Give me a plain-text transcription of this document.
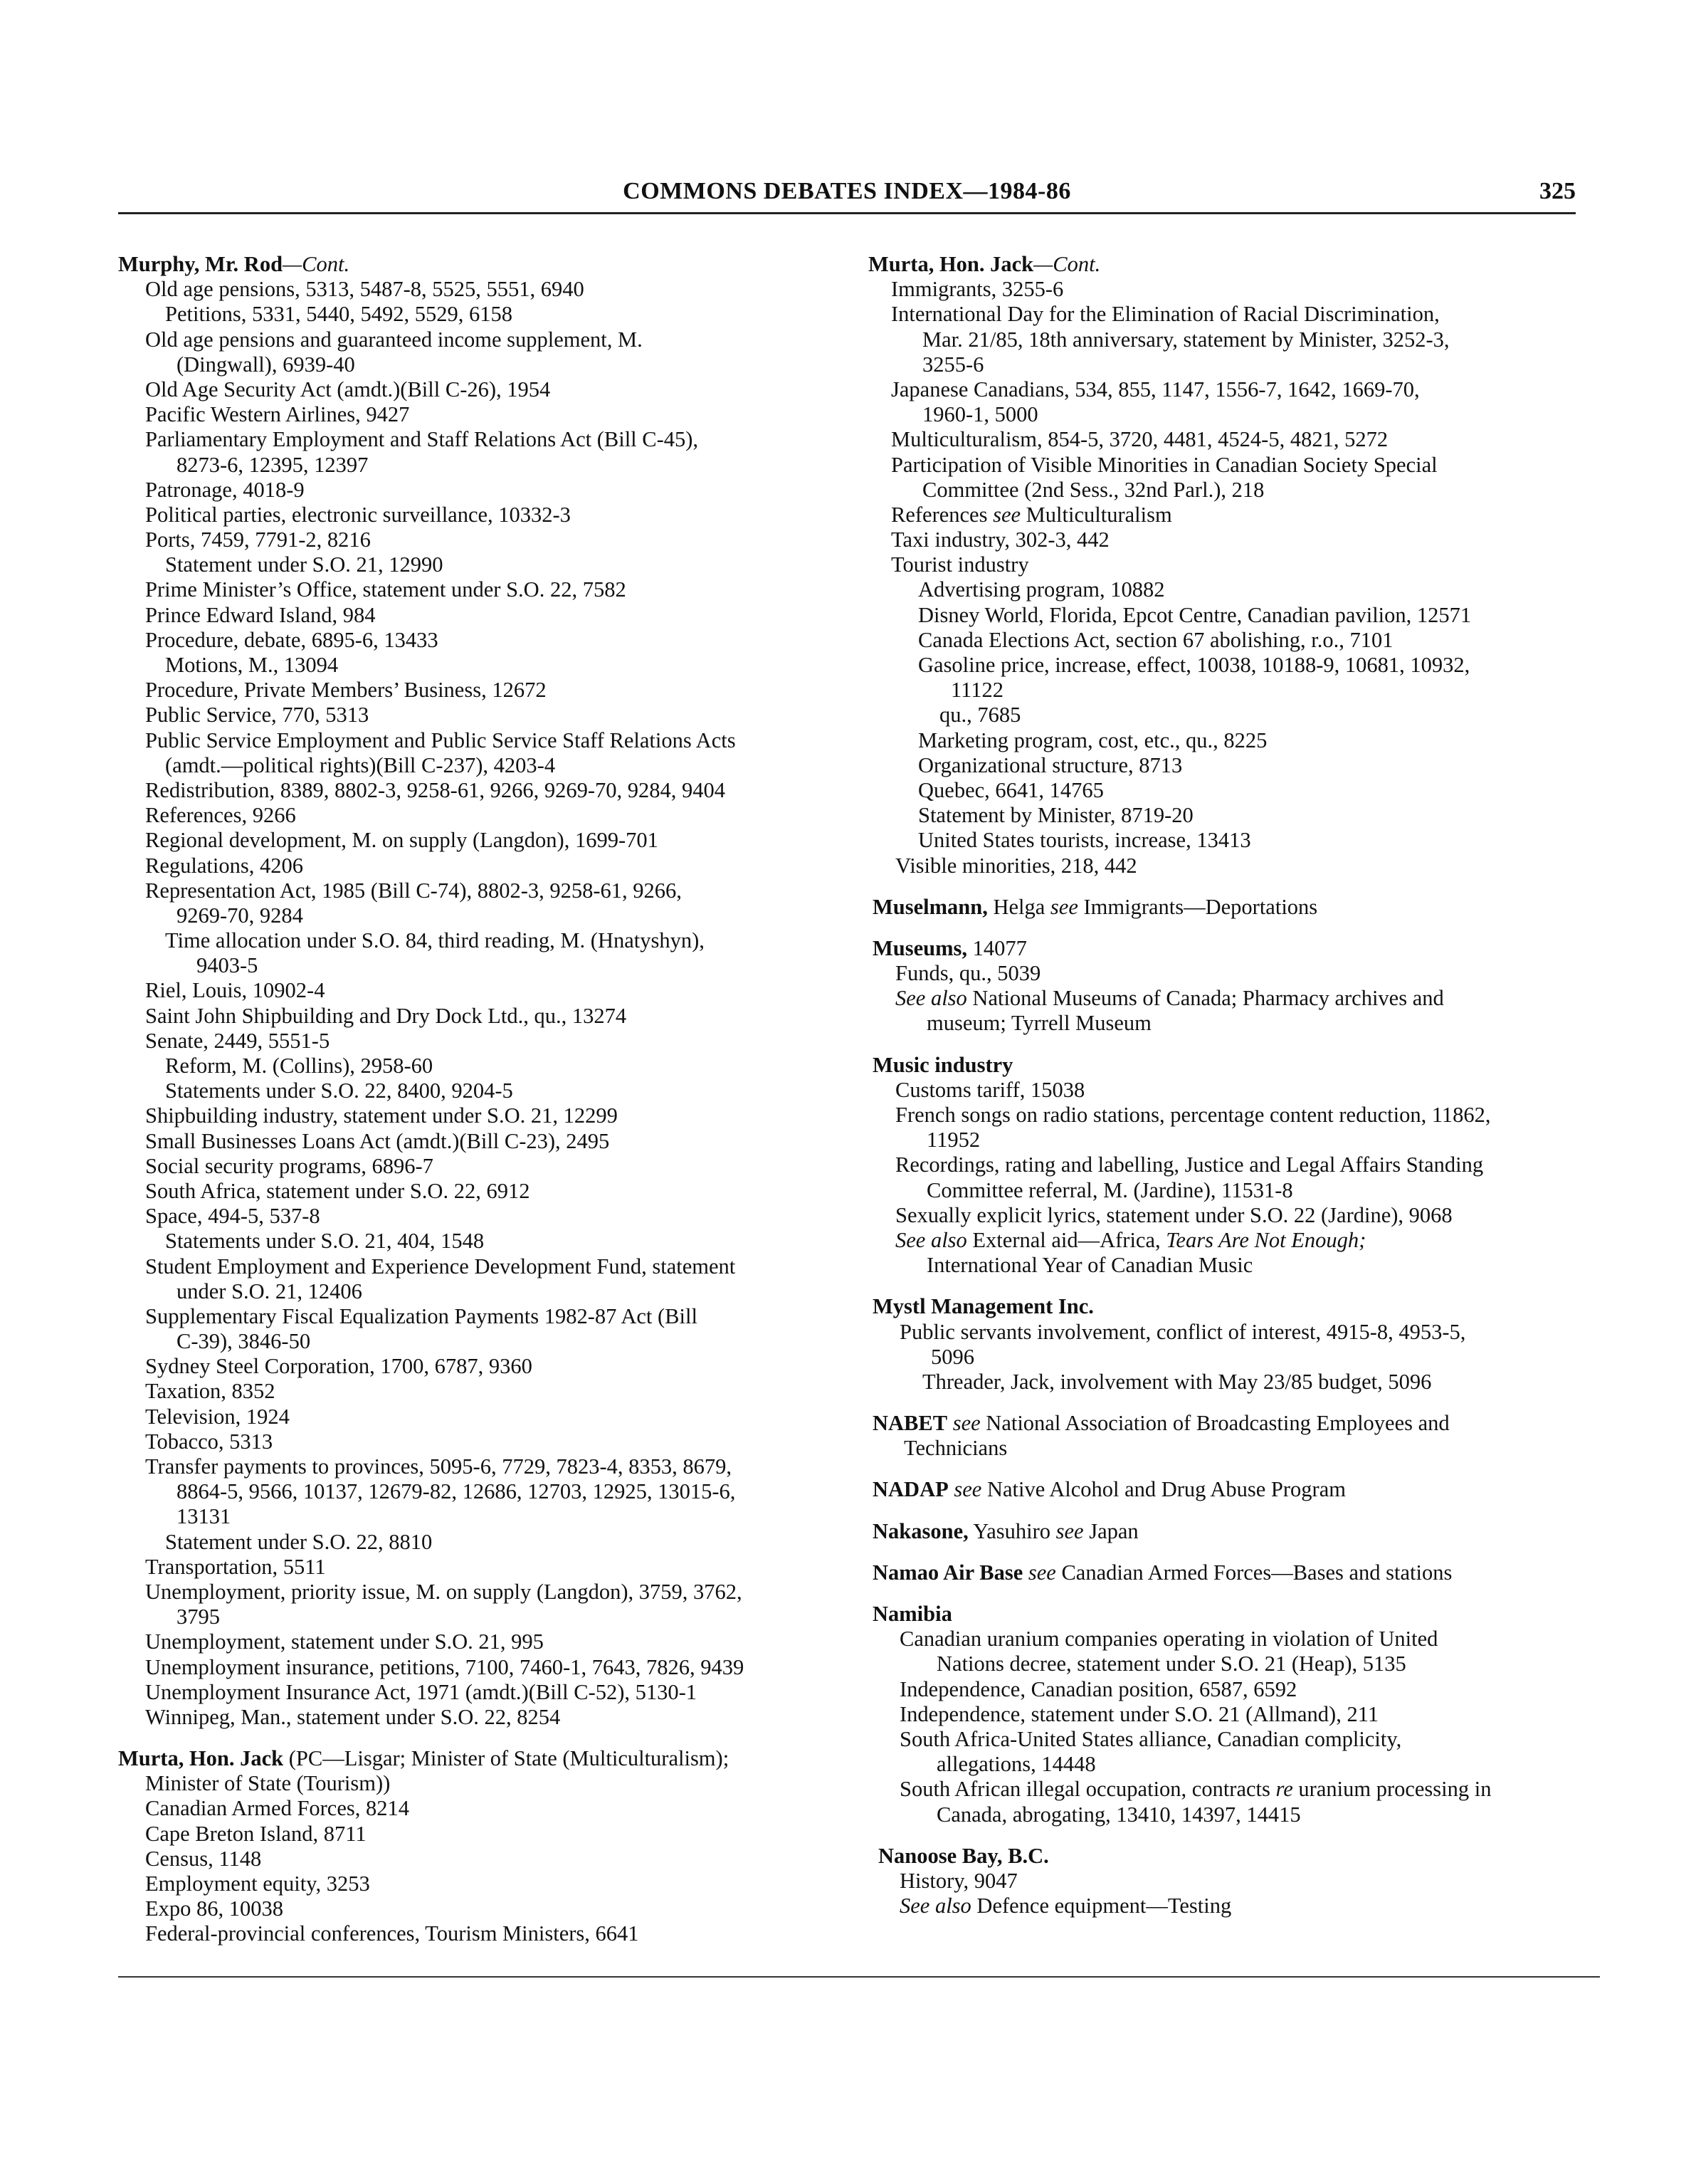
COMMONS DEBATES INDEX—1984-86	325
Murphy, Mr. Rod—Cont.
Old age pensions, 5313, 5487-8, 5525, 5551, 6940
Petitions, 5331, 5440, 5492, 5529, 6158
Old age pensions and guaranteed income supplement, M.
(Dingwall), 6939-40
Old Age Security Act (amdt.)(Bill C-26), 1954
Pacific Western Airlines, 9427
Parliamentary Employment and Staff Relations Act (Bill C-45),
8273-6, 12395, 12397
Patronage, 4018-9
Political parties, electronic surveillance, 10332-3
Ports, 7459, 7791-2, 8216
Statement under S.O. 21, 12990
Prime Minister’s Office, statement under S.O. 22, 7582
Prince Edward Island, 984
Procedure, debate, 6895-6, 13433
Motions, M., 13094
Procedure, Private Members’ Business, 12672
Public Service, 770, 5313
Public Service Employment and Public Service Staff Relations Acts
(amdt.—political rights)(Bill C-237), 4203-4
Redistribution, 8389, 8802-3, 9258-61, 9266, 9269-70, 9284, 9404
References, 9266
Regional development, M. on supply (Langdon), 1699-701
Regulations, 4206
Representation Act, 1985 (Bill C-74), 8802-3, 9258-61, 9266,
9269-70, 9284
Time allocation under S.O. 84, third reading, M. (Hnatyshyn),
9403-5
Riel, Louis, 10902-4
Saint John Shipbuilding and Dry Dock Ltd., qu., 13274
Senate, 2449, 5551-5
Reform, M. (Collins), 2958-60
Statements under S.O. 22, 8400, 9204-5
Shipbuilding industry, statement under S.O. 21, 12299
Small Businesses Loans Act (amdt.)(Bill C-23), 2495
Social security programs, 6896-7
South Africa, statement under S.O. 22, 6912
Space, 494-5, 537-8
Statements under S.O. 21, 404, 1548
Student Employment and Experience Development Fund, statement
under S.O. 21, 12406
Supplementary Fiscal Equalization Payments 1982-87 Act (Bill
C-39), 3846-50
Sydney Steel Corporation, 1700, 6787, 9360
Taxation, 8352
Television, 1924
Tobacco, 5313
Transfer payments to provinces, 5095-6, 7729, 7823-4, 8353, 8679,
8864-5, 9566, 10137, 12679-82, 12686, 12703, 12925, 13015-6,
13131
Statement under S.O. 22, 8810
Transportation, 5511
Unemployment, priority issue, M. on supply (Langdon), 3759, 3762,
3795
Unemployment, statement under S.O. 21, 995
Unemployment insurance, petitions, 7100, 7460-1, 7643, 7826, 9439
Unemployment Insurance Act, 1971 (amdt.)(Bill C-52), 5130-1
Winnipeg, Man., statement under S.O. 22, 8254
Murta, Hon. Jack (PC—Lisgar; Minister of State (Multiculturalism);
Minister of State (Tourism))
Canadian Armed Forces, 8214
Cape Breton Island, 8711
Census, 1148
Employment equity, 3253
Expo 86, 10038
Federal-provincial conferences, Tourism Ministers, 6641
Murta, Hon. Jack—Cont.
Immigrants, 3255-6
International Day for the Elimination of Racial Discrimination,
Mar. 21/85, 18th anniversary, statement by Minister, 3252-3,
3255-6
Japanese Canadians, 534, 855, 1147, 1556-7, 1642, 1669-70,
1960-1, 5000
Multiculturalism, 854-5, 3720, 4481, 4524-5, 4821, 5272
Participation of Visible Minorities in Canadian Society Special
Committee (2nd Sess., 32nd Parl.), 218
References see Multiculturalism
Taxi industry, 302-3, 442
Tourist industry
Advertising program, 10882
Disney World, Florida, Epcot Centre, Canadian pavilion, 12571
Canada Elections Act, section 67 abolishing, r.o., 7101
Gasoline price, increase, effect, 10038, 10188-9, 10681, 10932,
11122
qu., 7685
Marketing program, cost, etc., qu., 8225
Organizational structure, 8713
Quebec, 6641, 14765
Statement by Minister, 8719-20
United States tourists, increase, 13413
Visible minorities, 218, 442
Muselmann, Helga see Immigrants—Deportations
Museums, 14077
Funds, qu., 5039
See also National Museums of Canada; Pharmacy archives and
museum; Tyrrell Museum
Music industry
Customs tariff, 15038
French songs on radio stations, percentage content reduction, 11862,
11952
Recordings, rating and labelling, Justice and Legal Affairs Standing
Committee referral, M. (Jardine), 11531-8
Sexually explicit lyrics, statement under S.O. 22 (Jardine), 9068
See also External aid—Africa, Tears Are Not Enough;
International Year of Canadian Music
Mystl Management Inc.
Public servants involvement, conflict of interest, 4915-8, 4953-5,
5096
Threader, Jack, involvement with May 23/85 budget, 5096
NABET see National Association of Broadcasting Employees and
Technicians
NADAP see Native Alcohol and Drug Abuse Program
Nakasone, Yasuhiro see Japan
Namao Air Base see Canadian Armed Forces—Bases and stations
Namibia
Canadian uranium companies operating in violation of United
Nations decree, statement under S.O. 21 (Heap), 5135
Independence, Canadian position, 6587, 6592
Independence, statement under S.O. 21 (Allmand), 211
South Africa-United States alliance, Canadian complicity,
allegations, 14448
South African illegal occupation, contracts re uranium processing in
Canada, abrogating, 13410, 14397, 14415
Nanoose Bay, B.C.
History, 9047
See also Defence equipment—Testing
